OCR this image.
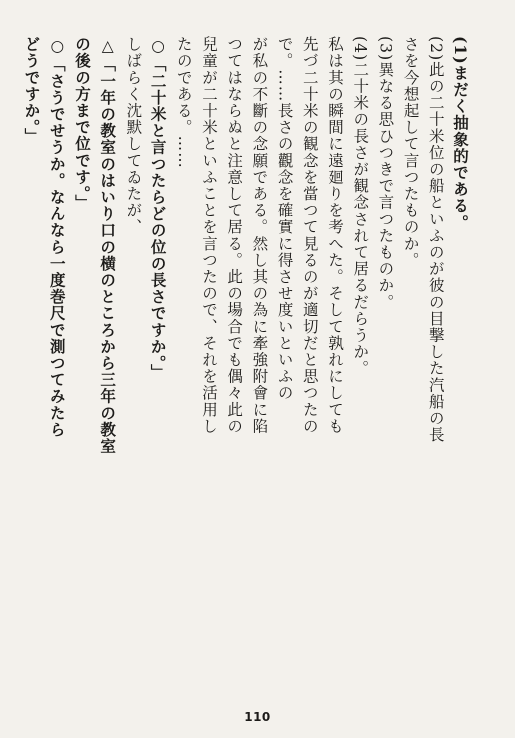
(1)まだく抽象的である。
(2)此の二十米位の船といふのが彼の目撃した汽船の長
さを今想起して言つたものか。
(3)異なる思ひつきで言つたものか。
(4)二十米の長さが観念されて居るだらうか。
私は其の瞬間に遠廻りを考へた。そして孰れにしても
先づ二十米の観念を當つて見るのが適切だと思つたの
で。……長さの觀念を確實に得させ度いといふの
が私の不斷の念願である。然し其の為に牽強附會に陷
つてはならぬと注意して居る。此の場合でも偶々此の
兒童が二十米といふことを言つたので、それを活用し
たのである。……
○「二十米と言つたらどの位の長さですか。」
しばらく沈默してゐたが、
△「一年の教室のはいり口の横のところから三年の教室
の後の方まで位です。」
○「さうでせうか。なんなら一度巻尺で測つてみたら
どうですか。」

110
